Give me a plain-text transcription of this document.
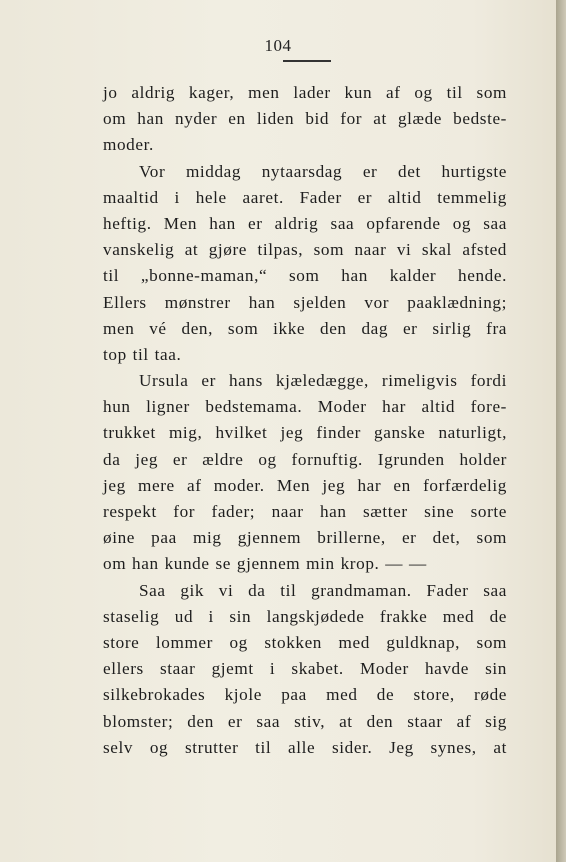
104
jo aldrig kager, men lader kun af og til som
om han nyder en liden bid for at glæde bedste-
moder.
Vor middag nytaarsdag er det hurtigste
maaltid i hele aaret. Fader er altid temmelig
heftig. Men han er aldrig saa opfarende og saa
vanskelig at gjøre tilpas, som naar vi skal afsted
til „bonne-maman,“ som han kalder hende.
Ellers mønstrer han sjelden vor paaklædning;
men vé den, som ikke den dag er sirlig fra
top til taa.
Ursula er hans kjæledægge, rimeligvis fordi
hun ligner bedstemama. Moder har altid fore-
trukket mig, hvilket jeg finder ganske naturligt,
da jeg er ældre og fornuftig. Igrunden holder
jeg mere af moder. Men jeg har en forfærdelig
respekt for fader; naar han sætter sine sorte
øine paa mig gjennem brillerne, er det, som
om han kunde se gjennem min krop. — —
Saa gik vi da til grandmaman. Fader saa
staselig ud i sin langskjødede frakke med de
store lommer og stokken med guldknap, som
ellers staar gjemt i skabet. Moder havde sin
silkebrokades kjole paa med de store, røde
blomster; den er saa stiv, at den staar af sig
selv og strutter til alle sider. Jeg synes, at
